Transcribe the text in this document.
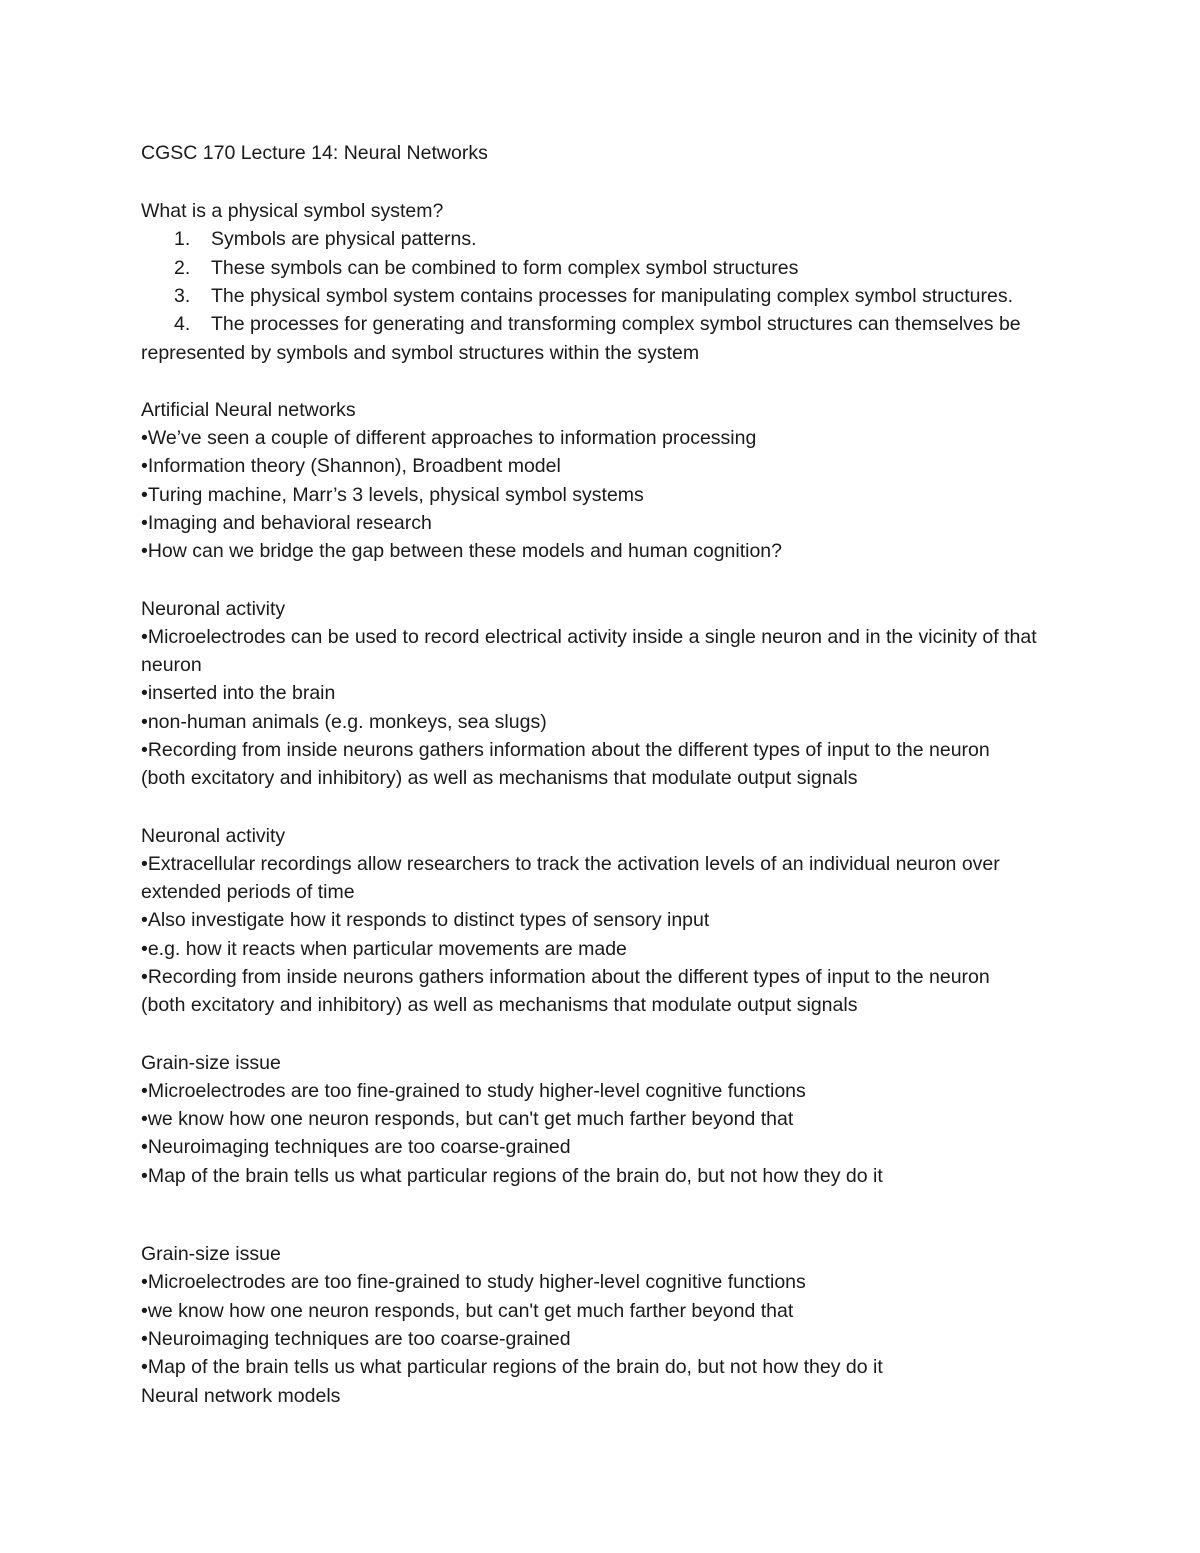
CGSC 170 Lecture 14: Neural Networks
What is a physical symbol system?
1. Symbols are physical patterns.
2. These symbols can be combined to form complex symbol structures
3. The physical symbol system contains processes for manipulating complex symbol structures.
4. The processes for generating and transforming complex symbol structures can themselves be
represented by symbols and symbol structures within the system
Artificial Neural networks
•We’ve seen a couple of different approaches to information processing
•Information theory (Shannon), Broadbent model
•Turing machine, Marr’s 3 levels, physical symbol systems
•Imaging and behavioral research
•How can we bridge the gap between these models and human cognition?
Neuronal activity
•Microelectrodes can be used to record electrical activity inside a single neuron and in the vicinity of that
neuron
•inserted into the brain
•non-human animals (e.g. monkeys, sea slugs)
•Recording from inside neurons gathers information about the different types of input to the neuron
(both excitatory and inhibitory) as well as mechanisms that modulate output signals
Neuronal activity
•Extracellular recordings allow researchers to track the activation levels of an individual neuron over
extended periods of time
•Also investigate how it responds to distinct types of sensory input
•e.g. how it reacts when particular movements are made
•Recording from inside neurons gathers information about the different types of input to the neuron
(both excitatory and inhibitory) as well as mechanisms that modulate output signals
Grain-size issue
•Microelectrodes are too fine-grained to study higher-level cognitive functions
•we know how one neuron responds, but can't get much farther beyond that
•Neuroimaging techniques are too coarse-grained
•Map of the brain tells us what particular regions of the brain do, but not how they do it
Grain-size issue
•Microelectrodes are too fine-grained to study higher-level cognitive functions
•we know how one neuron responds, but can't get much farther beyond that
•Neuroimaging techniques are too coarse-grained
•Map of the brain tells us what particular regions of the brain do, but not how they do it
Neural network models
